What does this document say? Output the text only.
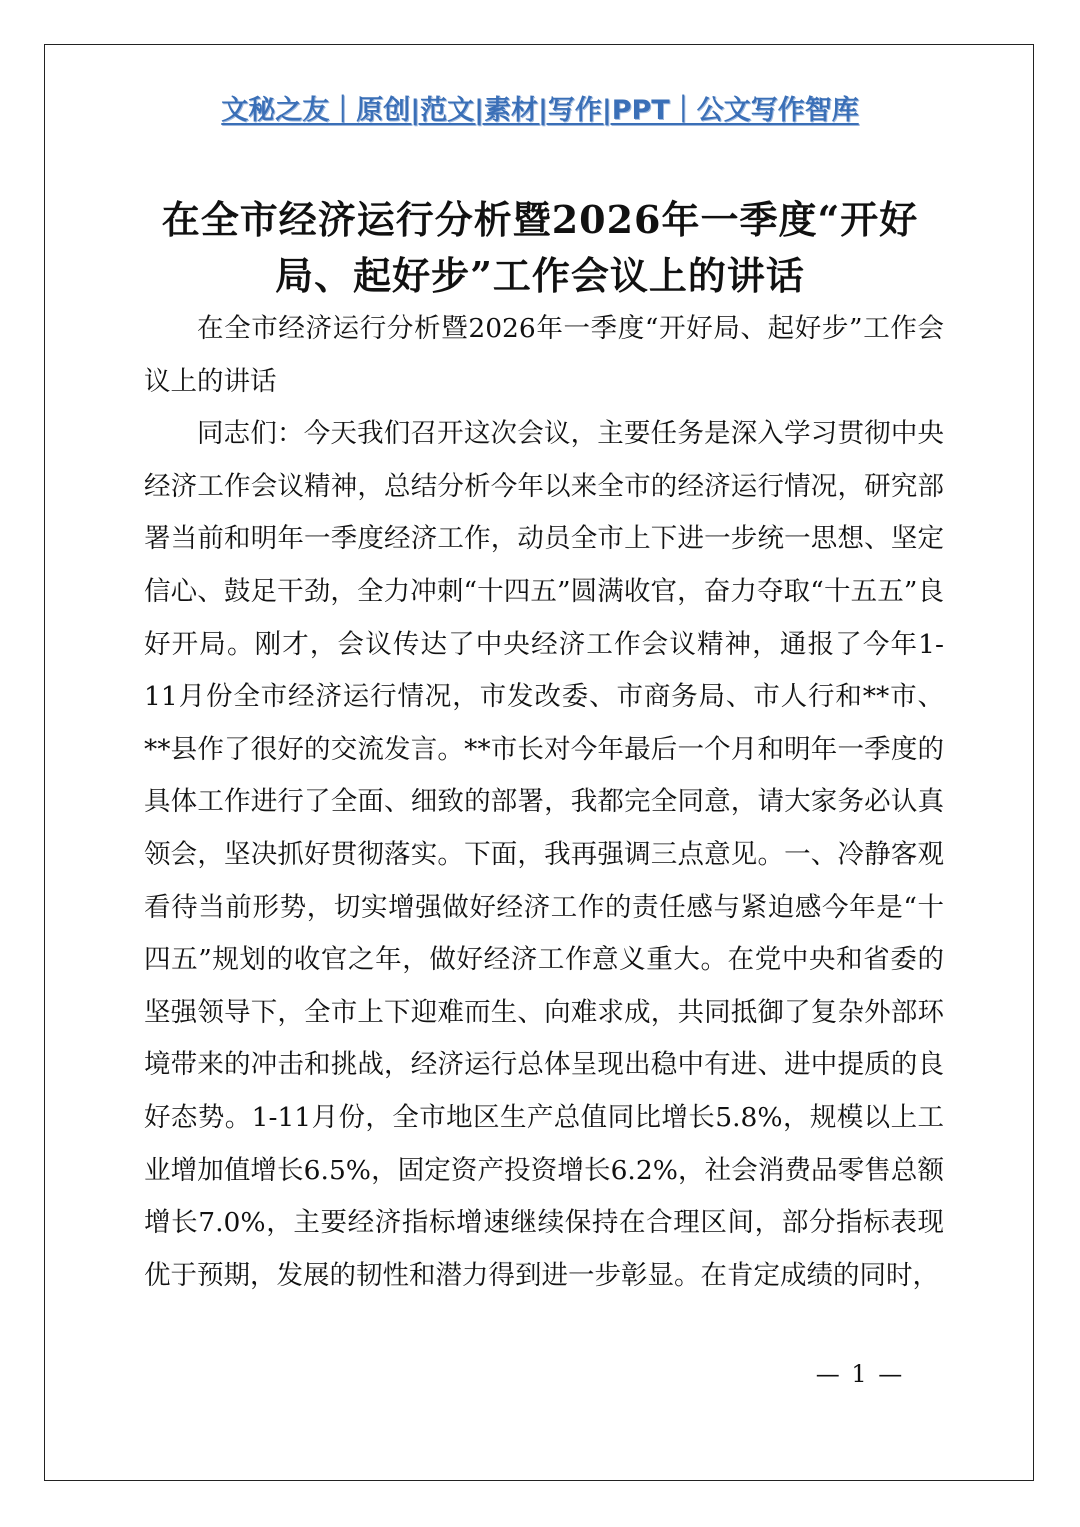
文秘之友｜原创|范文|素材|写作|PPT｜公文写作智库
在全市经济运行分析暨2026年一季度“开好局、起好步”工作会议上的讲话

在全市经济运行分析暨2026年一季度“开好局、起好步”工作会议上的讲话

同志们：今天我们召开这次会议，主要任务是深入学习贯彻中央经济工作会议精神，总结分析今年以来全市的经济运行情况，研究部署当前和明年一季度经济工作，动员全市上下进一步统一思想、坚定信心、鼓足干劲，全力冲刺“十四五”圆满收官，奋力夺取“十五五”良好开局。刚才，会议传达了中央经济工作会议精神，通报了今年1-11月份全市经济运行情况，市发改委、市商务局、市人行和**市、**县作了很好的交流发言。**市长对今年最后一个月和明年一季度的具体工作进行了全面、细致的部署，我都完全同意，请大家务必认真领会，坚决抓好贯彻落实。下面，我再强调三点意见。一、冷静客观看待当前形势，切实增强做好经济工作的责任感与紧迫感今年是“十四五”规划的收官之年，做好经济工作意义重大。在党中央和省委的坚强领导下，全市上下迎难而生、向难求成，共同抵御了复杂外部环境带来的冲击和挑战，经济运行总体呈现出稳中有进、进中提质的良好态势。1-11月份，全市地区生产总值同比增长5.8%，规模以上工业增加值增长6.5%，固定资产投资增长6.2%，社会消费品零售总额增长7.0%，主要经济指标增速继续保持在合理区间，部分指标表现优于预期，发展的韧性和潜力得到进一步彰显。在肯定成绩的同时，

— 1 —
